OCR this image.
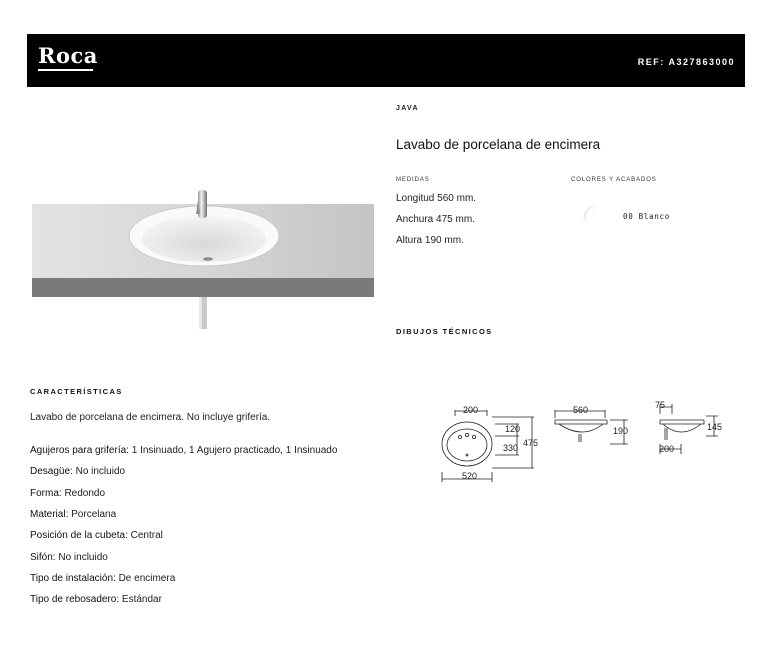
Roca	REF: A327863000
JAVA
Lavabo de porcelana de encimera
MEDIDAS
Longitud 560 mm.
Anchura 475 mm.
Altura 190 mm.
COLORES Y ACABADOS
00 Blanco
DIBUJOS TÉCNICOS
CARACTERÍSTICAS
Lavabo de porcelana de encimera. No incluye grifería.
Agujeros para grifería: 1 Insinuado, 1 Agujero practicado, 1 Insinuado
Desagüe: No incluido
Forma: Redondo
Material: Porcelana
Posición de la cubeta: Central
Sifón: No incluido
Tipo de instalación: De encimera
Tipo de rebosadero: Estándar
200
120
330 475
520
560
190
75
145
200
